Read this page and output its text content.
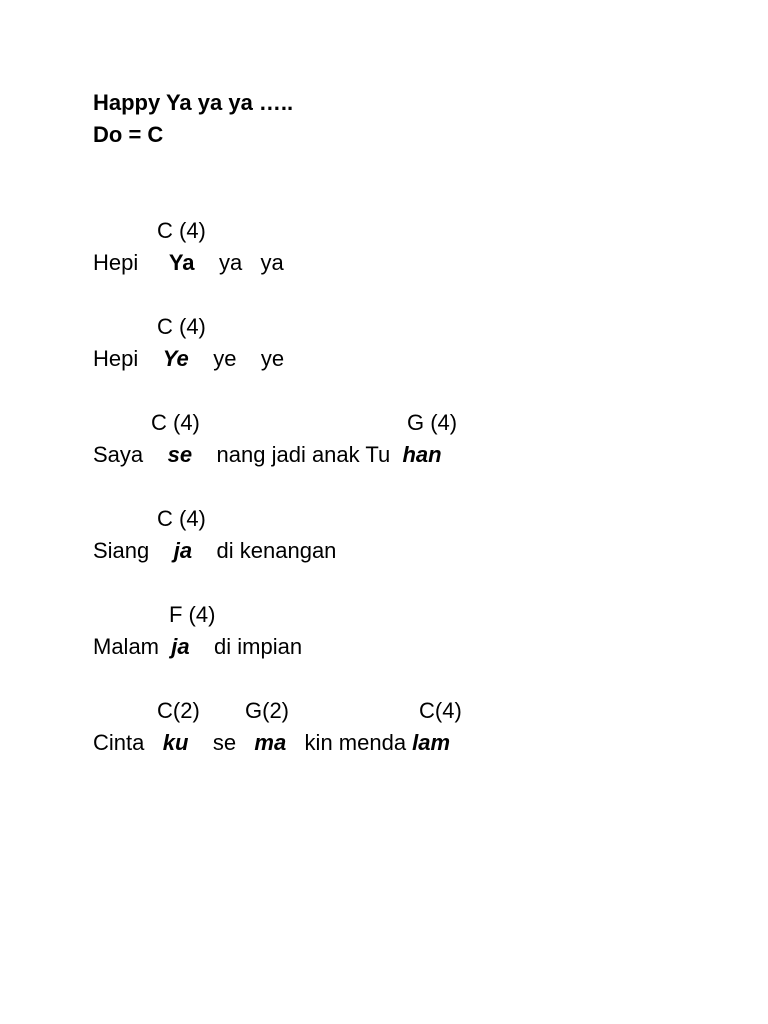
Happy Ya ya ya …..
Do = C
C (4)
Hepi     Ya    ya   ya
C (4)
Hepi    Ye    ye    ye
C (4)	G (4)
Saya    se    nang jadi anak Tu  han
C (4)
Siang    ja    di kenangan
F (4)
Malam  ja    di impian
C(2) G(2)	C(4)
Cinta   ku    se   ma   kin menda lam
